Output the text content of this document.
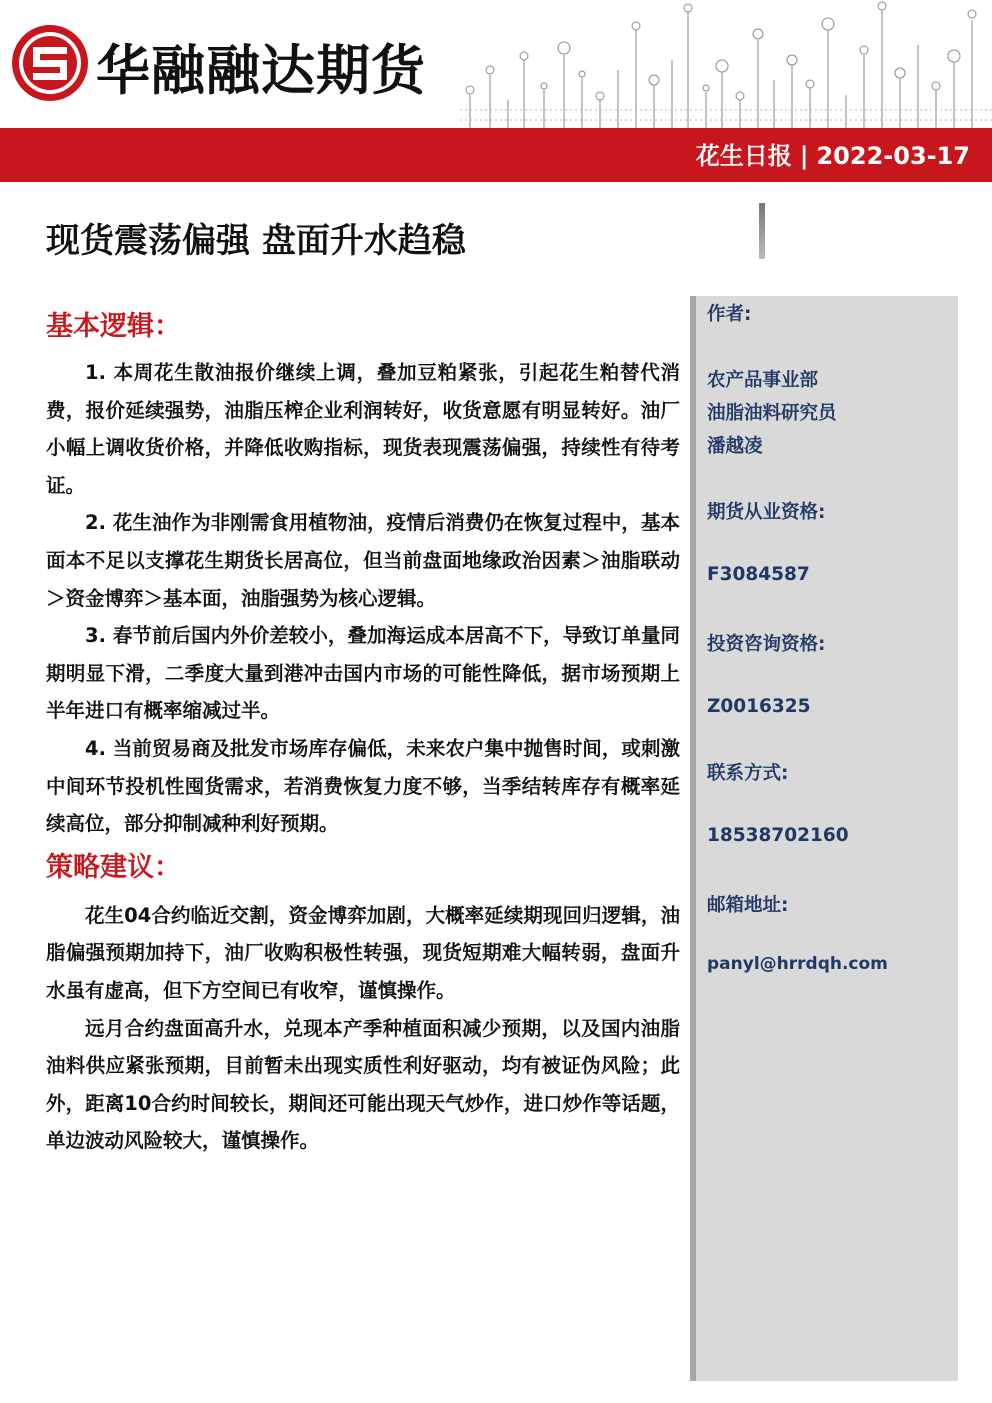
华融融达期货
花生日报 | 2022-03-17
现货震荡偏强 盘面升水趋稳
基本逻辑：

1. 本周花生散油报价继续上调，叠加豆粕紧张，引起花生粕替代消费，报价延续强势，油脂压榨企业利润转好，收货意愿有明显转好。油厂小幅上调收货价格，并降低收购指标，现货表现震荡偏强，持续性有待考证。

2. 花生油作为非刚需食用植物油，疫情后消费仍在恢复过程中，基本面本不足以支撑花生期货长居高位，但当前盘面地缘政治因素＞油脂联动＞资金博弈＞基本面，油脂强势为核心逻辑。

3. 春节前后国内外价差较小，叠加海运成本居高不下，导致订单量同期明显下滑，二季度大量到港冲击国内市场的可能性降低，据市场预期上半年进口有概率缩减过半。

4. 当前贸易商及批发市场库存偏低，未来农户集中抛售时间，或刺激中间环节投机性囤货需求，若消费恢复力度不够，当季结转库存有概率延续高位，部分抑制减种利好预期。

策略建议：

花生04合约临近交割，资金博弈加剧，大概率延续期现回归逻辑，油脂偏强预期加持下，油厂收购积极性转强，现货短期难大幅转弱，盘面升水虽有虚高，但下方空间已有收窄，谨慎操作。

远月合约盘面高升水，兑现本产季种植面积减少预期，以及国内油脂油料供应紧张预期，目前暂未出现实质性利好驱动，均有被证伪风险；此外，距离10合约时间较长，期间还可能出现天气炒作，进口炒作等话题，单边波动风险较大，谨慎操作。

作者:
农产品事业部
油脂油料研究员
潘越凌
期货从业资格:
F3084587
投资咨询资格:
Z0016325
联系方式:
18538702160
邮箱地址:
panyl@hrrdqh.com
